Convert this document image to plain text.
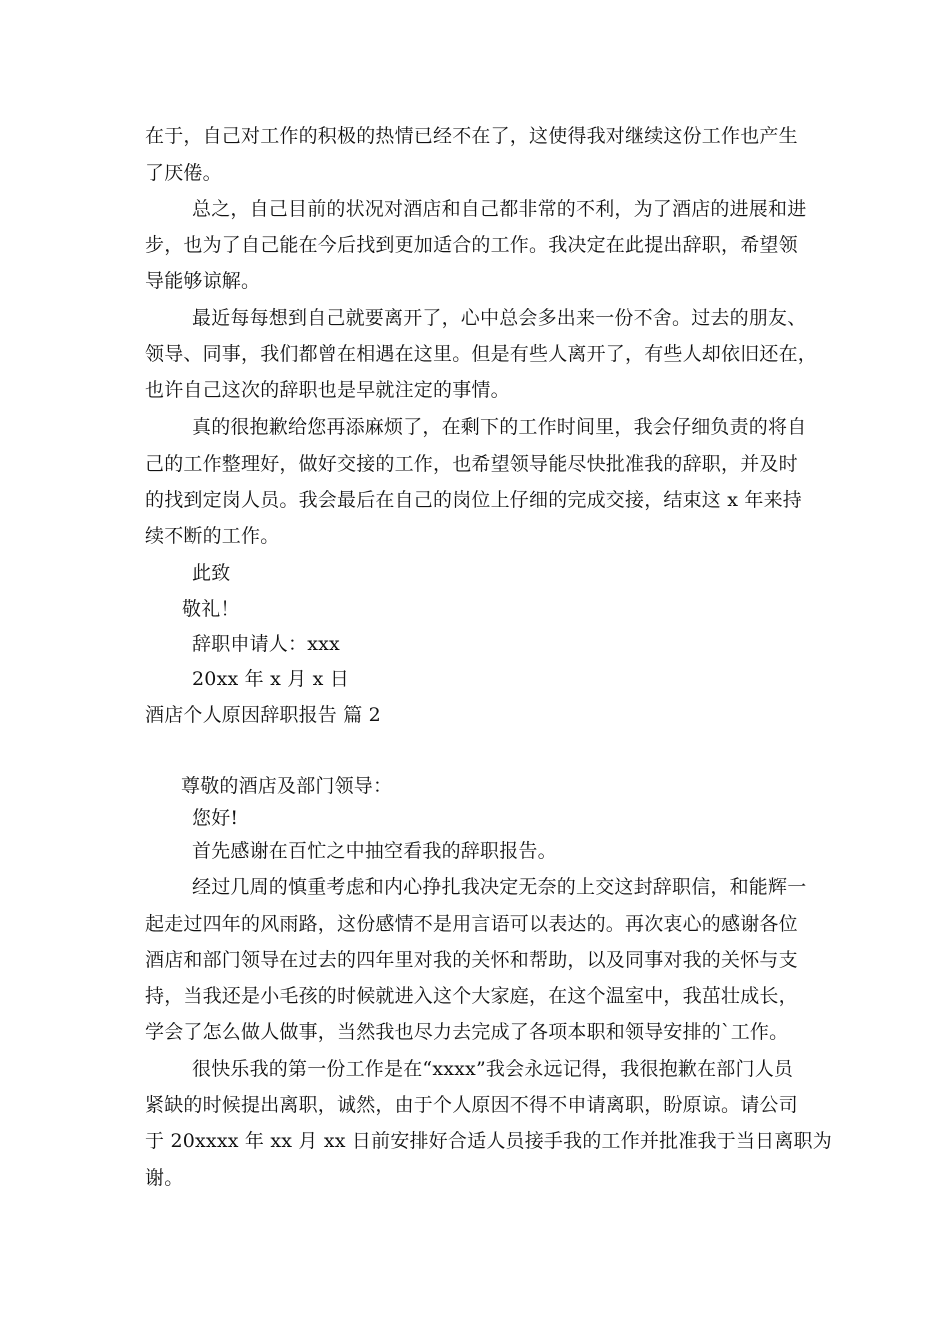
在于，自己对工作的积极的热情已经不在了，这使得我对继续这份工作也产生
了厌倦。
总之，自己目前的状况对酒店和自己都非常的不利，为了酒店的进展和进
步，也为了自己能在今后找到更加适合的工作。我决定在此提出辞职，希望领
导能够谅解。
最近每每想到自己就要离开了，心中总会多出来一份不舍。过去的朋友、
领导、同事，我们都曾在相遇在这里。但是有些人离开了，有些人却依旧还在，
也许自己这次的辞职也是早就注定的事情。
真的很抱歉给您再添麻烦了，在剩下的工作时间里，我会仔细负责的将自
己的工作整理好，做好交接的工作，也希望领导能尽快批准我的辞职，并及时
的找到定岗人员。我会最后在自己的岗位上仔细的完成交接，结束这 x 年来持
续不断的工作。
此致
敬礼！
辞职申请人：xxx
20xx 年 x 月 x 日
酒店个人原因辞职报告 篇 2
尊敬的酒店及部门领导：
您好!
首先感谢在百忙之中抽空看我的辞职报告。
经过几周的慎重考虑和内心挣扎我决定无奈的上交这封辞职信，和能辉一
起走过四年的风雨路，这份感情不是用言语可以表达的。再次衷心的感谢各位
酒店和部门领导在过去的四年里对我的关怀和帮助，以及同事对我的关怀与支
持，当我还是小毛孩的时候就进入这个大家庭，在这个温室中，我茁壮成长，
学会了怎么做人做事，当然我也尽力去完成了各项本职和领导安排的`工作。
很快乐我的第一份工作是在“xxxx”我会永远记得，我很抱歉在部门人员
紧缺的时候提出离职，诚然，由于个人原因不得不申请离职，盼原谅。请公司
于 20xxxx 年 xx 月 xx 日前安排好合适人员接手我的工作并批准我于当日离职为
谢。
